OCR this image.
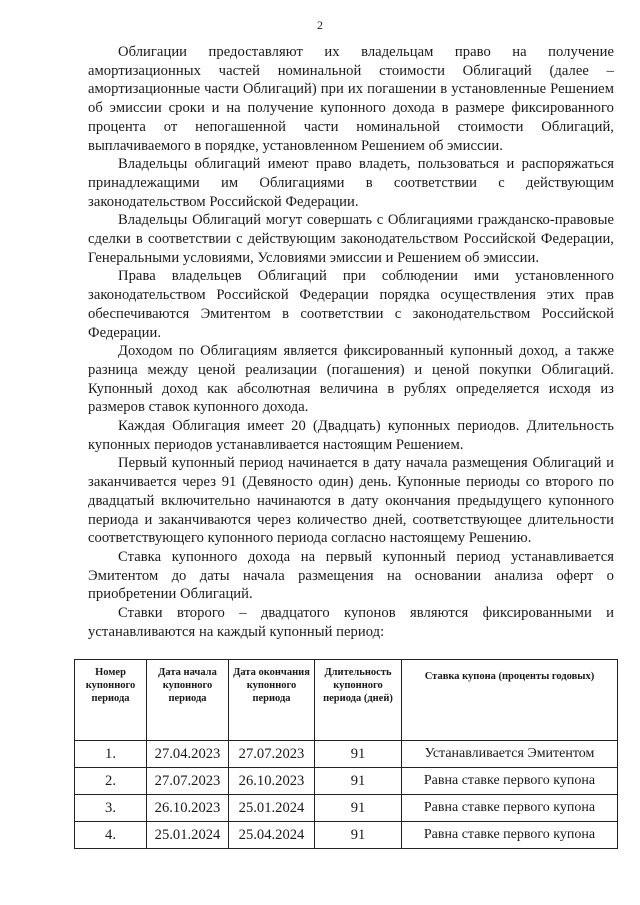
2

Облигации предоставляют их владельцам право на получение амортизационных частей номинальной стоимости Облигаций (далее – амортизационные части Облигаций) при их погашении в установленные Решением об эмиссии сроки и на получение купонного дохода в размере фиксированного процента от непогашенной части номинальной стоимости Облигаций, выплачиваемого в порядке, установленном Решением об эмиссии.

Владельцы облигаций имеют право владеть, пользоваться и распоряжаться принадлежащими им Облигациями в соответствии с действующим законодательством Российской Федерации.

Владельцы Облигаций могут совершать с Облигациями гражданско-правовые сделки в соответствии с действующим законодательством Российской Федерации, Генеральными условиями, Условиями эмиссии и Решением об эмиссии.

Права владельцев Облигаций при соблюдении ими установленного законодательством Российской Федерации порядка осуществления этих прав обеспечиваются Эмитентом в соответствии с законодательством Российской Федерации.

Доходом по Облигациям является фиксированный купонный доход, а также разница между ценой реализации (погашения) и ценой покупки Облигаций. Купонный доход как абсолютная величина в рублях определяется исходя из размеров ставок купонного дохода.

Каждая Облигация имеет 20 (Двадцать) купонных периодов. Длительность купонных периодов устанавливается настоящим Решением.

Первый купонный период начинается в дату начала размещения Облигаций и заканчивается через 91 (Девяносто один) день. Купонные периоды со второго по двадцатый включительно начинаются в дату окончания предыдущего купонного периода и заканчиваются через количество дней, соответствующее длительности соответствующего купонного периода согласно настоящему Решению.

Ставка купонного дохода на первый купонный период устанавливается Эмитентом до даты начала размещения на основании анализа оферт о приобретении Облигаций.

Ставки второго – двадцатого купонов являются фиксированными и устанавливаются на каждый купонный период:

Номер купонного периода	Дата начала купонного периода	Дата окончания купонного периода	Длительность купонного периода (дней)	Ставка купона (проценты годовых)
1.	27.04.2023	27.07.2023	91	Устанавливается Эмитентом
2.	27.07.2023	26.10.2023	91	Равна ставке первого купона
3.	26.10.2023	25.01.2024	91	Равна ставке первого купона
4.	25.01.2024	25.04.2024	91	Равна ставке первого купона
